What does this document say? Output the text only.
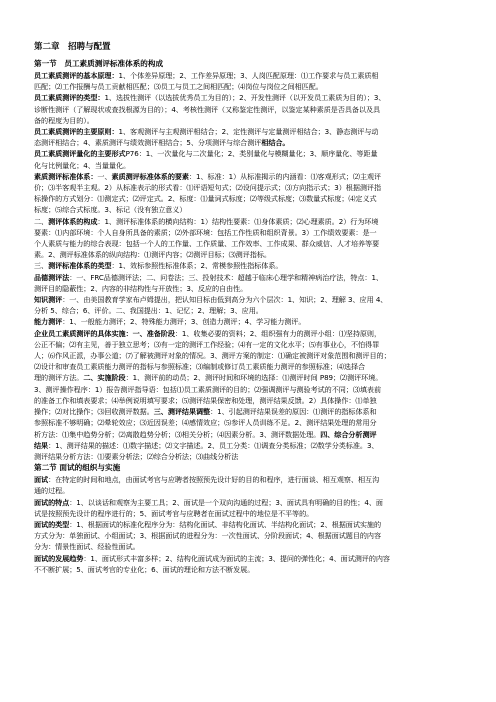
第二章　招聘与配置
第一节　员工素质测评标准体系的构成
员工素质测评的基本原理：1、个体差异原理；2、工作差异原理；3、人岗匹配原理：⑴工作要求与员工素质相
匹配；⑵工作报酬与员工贡献相匹配；⑶员工与员工之间相匹配；⑷岗位与岗位之间相匹配。
员工素质测评的类型：1、选拔性测评（以选拔优秀员工为目的）；2、开发性测评（以开发员工素质为目的）；3、
诊断性测评（了解现状或查找根源为目的）；4、考核性测评（又称鉴定性测评，以鉴定某种素质是否具备以及具
备的程度为目的）。
员工素质测评的主要原则：1、客观测评与主观测评相结合；2、定性测评与定量测评相结合；3、静态测评与动
态测评相结合；4、素质测评与绩效测评相结合；5、分项测评与综合测评相结合。
员工素质测评量化的主要形式P76：1、一次量化与二次量化；2、类别量化与模糊量化；3、顺序量化、等距量
化与比例量化；4、当量量化。
素质测评标准体系：一、素质测评标准体系的要素：1、标准：1）从标准揭示的内涵看：⑴客观形式；⑵主观评
价；⑶半客观半主观。2）从标准表示的形式看：⑴评语短句式；⑵设问提示式；⑶方向指示式；3）根据测评指
标操作的方式划分：⑴测定式；⑵评定式。2、标度：⑴量词式标度；⑵等级式标度；⑶数量式标度；⑷定义式
标度；⑸综合式标度。3、标记（没有独立意义）
二、测评体系的构成：1、测评标准体系的横向结构：1）结构性要素：⑴身体素质；⑵心理素质。2）行为环境
要素：⑴内部环境：个人自身所具备的素质；⑵外部环境：包括工作性质和组织背景。3）工作绩效要素：是一
个人素质与能力的综合表现：包括一个人的工作量、工作质量、工作效率、工作成果、群众威信、人才培养等要
素。2、测评标准体系的纵向结构：⑴测评内容；⑵测评目标；⑶测评指标。
三、测评标准体系的类型：1、效标参照性标准体系；2、常模参照性指标体系。
品德测评法：一、FRC品德测评法；二、问卷法；三、投射技术：超越于临床心理学和精神病治疗法，特点：1、
测评目的隐蔽性；2、内容的非结构性与开放性；3、反应的自由性。
知识测评：一、由美国教育学家布卢姆提出，把认知目标由低到高分为六个层次：1、知识；2、理解 3、应用 4、
分析 5、综合；6、评价。二、我国提出：1、记忆；2、理解；3、应用。
能力测评：1、一般能力测评；2、特殊能力测评；3、创造力测评；4、学习能力测评。
企业员工素质测评的具体实施：一、准备阶段：1、收集必要的资料；2、组织强有力的测评小组：⑴坚持原则，
公正不偏；⑵有主见，善于独立思考；⑶有一定的测评工作经验；⑷有一定的文化水平；⑸有事业心，不怕得罪
人；⑹作风正派，办事公道；⑺了解被测评对象的情况。3、测评方案的制定：⑴确定被测评对象范围和测评目的；
⑵设计和审查员工素质能力测评的指标与参照标准；⑶编制或修订员工素质能力测评的参照标准；⑷选择合
理的测评方法。二、实施阶段：1、测评前的动员；2、测评时间和环境的选择：⑴测评时间 P89；⑵测评环境。
3、测评操作程序：1）报告测评指导语：包括⑴员工素质测评的目的；⑵强调测评与测验考试的不同；⑶填表前
的准备工作和填表要求；⑷举例说明填写要求；⑸测评结果保密和处理，测评结果反馈。2）具体操作：⑴单独
操作；⑵对比操作；⑶回收测评数据。三、测评结果调整：1、引起测评结果误差的原因：⑴测评的指标体系和
参照标准不够明确；⑵晕轮效应；⑶近因误差；⑷感情效应；⑸参评人员训练不足。2、测评结果处理的常用分
析方法：⑴集中趋势分析；⑵离散趋势分析；⑶相关分析；⑷因素分析。3、测评数据处理。四、综合分析测评
结果：1、测评结果的描述：⑴数字描述；⑵文字描述。2、员工分类：⑴调查分类标准；⑵数学分类标准。3、
测评结果分析方法：⑴要素分析法；⑵综合分析法；⑶曲线分析法
第二节 面试的组织与实施
面试：在特定的时间和地点，由面试考官与应聘者按照预先设计好的目的和程序，进行面谈、相互观察、相互沟
通的过程。
面试的特点：1、以谈话和观察为主要工具；2、面试是一个双向沟通的过程；3、面试具有明确的目的性；4、面
试是按照预先设计的程序进行的；5、面试考官与应聘者在面试过程中的地位是不平等的。
面试的类型：1、根据面试的标准化程序分为：结构化面试、非结构化面试、半结构化面试；2、根据面试实施的
方式分为：单独面试、小组面试；3、根据面试的进程分为：一次性面试、分阶段面试；4、根据面试题目的内容
分为：情景性面试、经验性面试。
面试的发展趋势：1、面试形式丰富多样；2、结构化面试成为面试的主流；3、提问的弹性化；4、面试测评的内容
不不断扩展；5、面试考官的专业化；6、面试的理论和方法不断发展。
